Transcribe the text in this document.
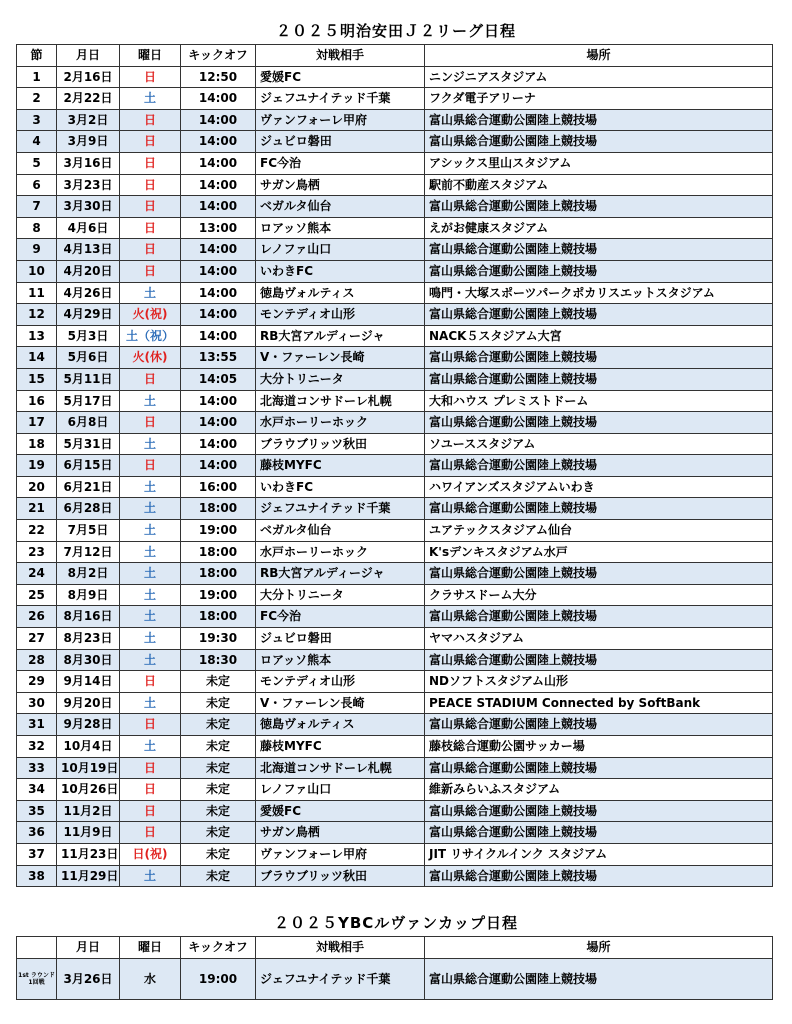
２０２５明治安田Ｊ２リーグ日程
節	月日	曜日	キックオフ	対戦相手	場所
1	2月16日	日	12:50	愛媛FC	ニンジニアスタジアム
2	2月22日	土	14:00	ジェフユナイテッド千葉	フクダ電子アリーナ
3	3月2日	日	14:00	ヴァンフォーレ甲府	富山県総合運動公園陸上競技場
4	3月9日	日	14:00	ジュビロ磐田	富山県総合運動公園陸上競技場
5	3月16日	日	14:00	FC今治	アシックス里山スタジアム
6	3月23日	日	14:00	サガン鳥栖	駅前不動産スタジアム
7	3月30日	日	14:00	ベガルタ仙台	富山県総合運動公園陸上競技場
8	4月6日	日	13:00	ロアッソ熊本	えがお健康スタジアム
9	4月13日	日	14:00	レノファ山口	富山県総合運動公園陸上競技場
10	4月20日	日	14:00	いわきFC	富山県総合運動公園陸上競技場
11	4月26日	土	14:00	徳島ヴォルティス	鳴門・大塚スポーツパークポカリスエットスタジアム
12	4月29日	火(祝)	14:00	モンテディオ山形	富山県総合運動公園陸上競技場
13	5月3日	土（祝）	14:00	RB大宮アルディージャ	NACK５スタジアム大宮
14	5月6日	火(休)	13:55	V・ファーレン長崎	富山県総合運動公園陸上競技場
15	5月11日	日	14:05	大分トリニータ	富山県総合運動公園陸上競技場
16	5月17日	土	14:00	北海道コンサドーレ札幌	大和ハウス プレミストドーム
17	6月8日	日	14:00	水戸ホーリーホック	富山県総合運動公園陸上競技場
18	5月31日	土	14:00	ブラウブリッツ秋田	ソユーススタジアム
19	6月15日	日	14:00	藤枝MYFC	富山県総合運動公園陸上競技場
20	6月21日	土	16:00	いわきFC	ハワイアンズスタジアムいわき
21	6月28日	土	18:00	ジェフユナイテッド千葉	富山県総合運動公園陸上競技場
22	7月5日	土	19:00	ベガルタ仙台	ユアテックスタジアム仙台
23	7月12日	土	18:00	水戸ホーリーホック	K'sデンキスタジアム水戸
24	8月2日	土	18:00	RB大宮アルディージャ	富山県総合運動公園陸上競技場
25	8月9日	土	19:00	大分トリニータ	クラサスドーム大分
26	8月16日	土	18:00	FC今治	富山県総合運動公園陸上競技場
27	8月23日	土	19:30	ジュビロ磐田	ヤマハスタジアム
28	8月30日	土	18:30	ロアッソ熊本	富山県総合運動公園陸上競技場
29	9月14日	日	未定	モンテディオ山形	NDソフトスタジアム山形
30	9月20日	土	未定	V・ファーレン長崎	PEACE STADIUM Connected by SoftBank
31	9月28日	日	未定	徳島ヴォルティス	富山県総合運動公園陸上競技場
32	10月4日	土	未定	藤枝MYFC	藤枝総合運動公園サッカー場
33	10月19日	日	未定	北海道コンサドーレ札幌	富山県総合運動公園陸上競技場
34	10月26日	日	未定	レノファ山口	維新みらいふスタジアム
35	11月2日	日	未定	愛媛FC	富山県総合運動公園陸上競技場
36	11月9日	日	未定	サガン鳥栖	富山県総合運動公園陸上競技場
37	11月23日	日(祝)	未定	ヴァンフォーレ甲府	JIT リサイクルインク スタジアム
38	11月29日	土	未定	ブラウブリッツ秋田	富山県総合運動公園陸上競技場
２０２５YBCルヴァンカップ日程
	月日	曜日	キックオフ	対戦相手	場所
1st ラウンド 1回戦	3月26日	水	19:00	ジェフユナイテッド千葉	富山県総合運動公園陸上競技場
